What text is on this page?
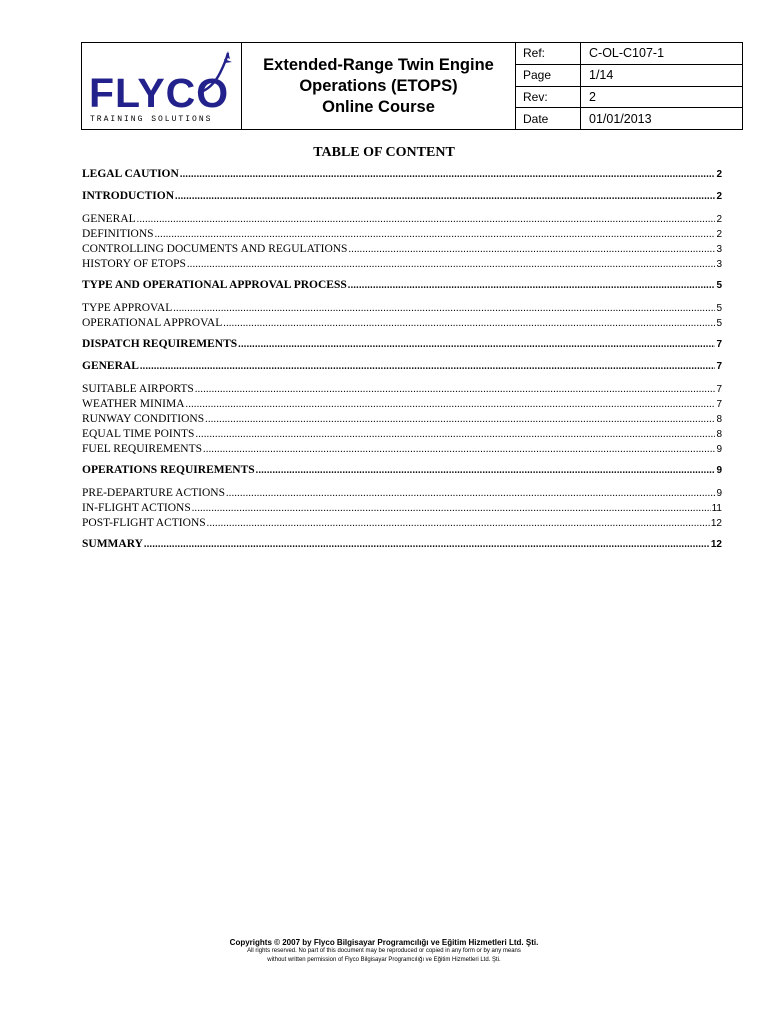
FLYCO
TRAINING SOLUTIONS
Extended-Range Twin Engine
Operations (ETOPS)
Online Course
Ref:	C-OL-C107-1
Page	1/14
Rev:	2
Date	01/01/2013
TABLE OF CONTENT
LEGAL CAUTION .....	2
INTRODUCTION .....	2
GENERAL .....	2
DEFINITIONS .....	2
CONTROLLING DOCUMENTS AND REGULATIONS .....	3
HISTORY OF ETOPS .....	3
TYPE AND OPERATIONAL APPROVAL PROCESS .....	5
TYPE APPROVAL .....	5
OPERATIONAL APPROVAL .....	5
DISPATCH REQUIREMENTS .....	7
GENERAL .....	7
SUITABLE AIRPORTS .....	7
WEATHER MINIMA .....	7
RUNWAY CONDITIONS .....	8
EQUAL TIME POINTS .....	8
FUEL REQUIREMENTS .....	9
OPERATIONS REQUIREMENTS .....	9
PRE-DEPARTURE ACTIONS .....	9
IN-FLIGHT ACTIONS .....	11
POST-FLIGHT ACTIONS .....	12
SUMMARY .....	12
Copyrights © 2007 by Flyco Bilgisayar Programcılığı ve Eğitim Hizmetleri Ltd. Şti.
All rights reserved. No part of this document may be reproduced or copied in any form or by any means
without written permission of Flyco Bilgisayar Programcılığı ve Eğitim Hizmetleri Ltd. Şti.
